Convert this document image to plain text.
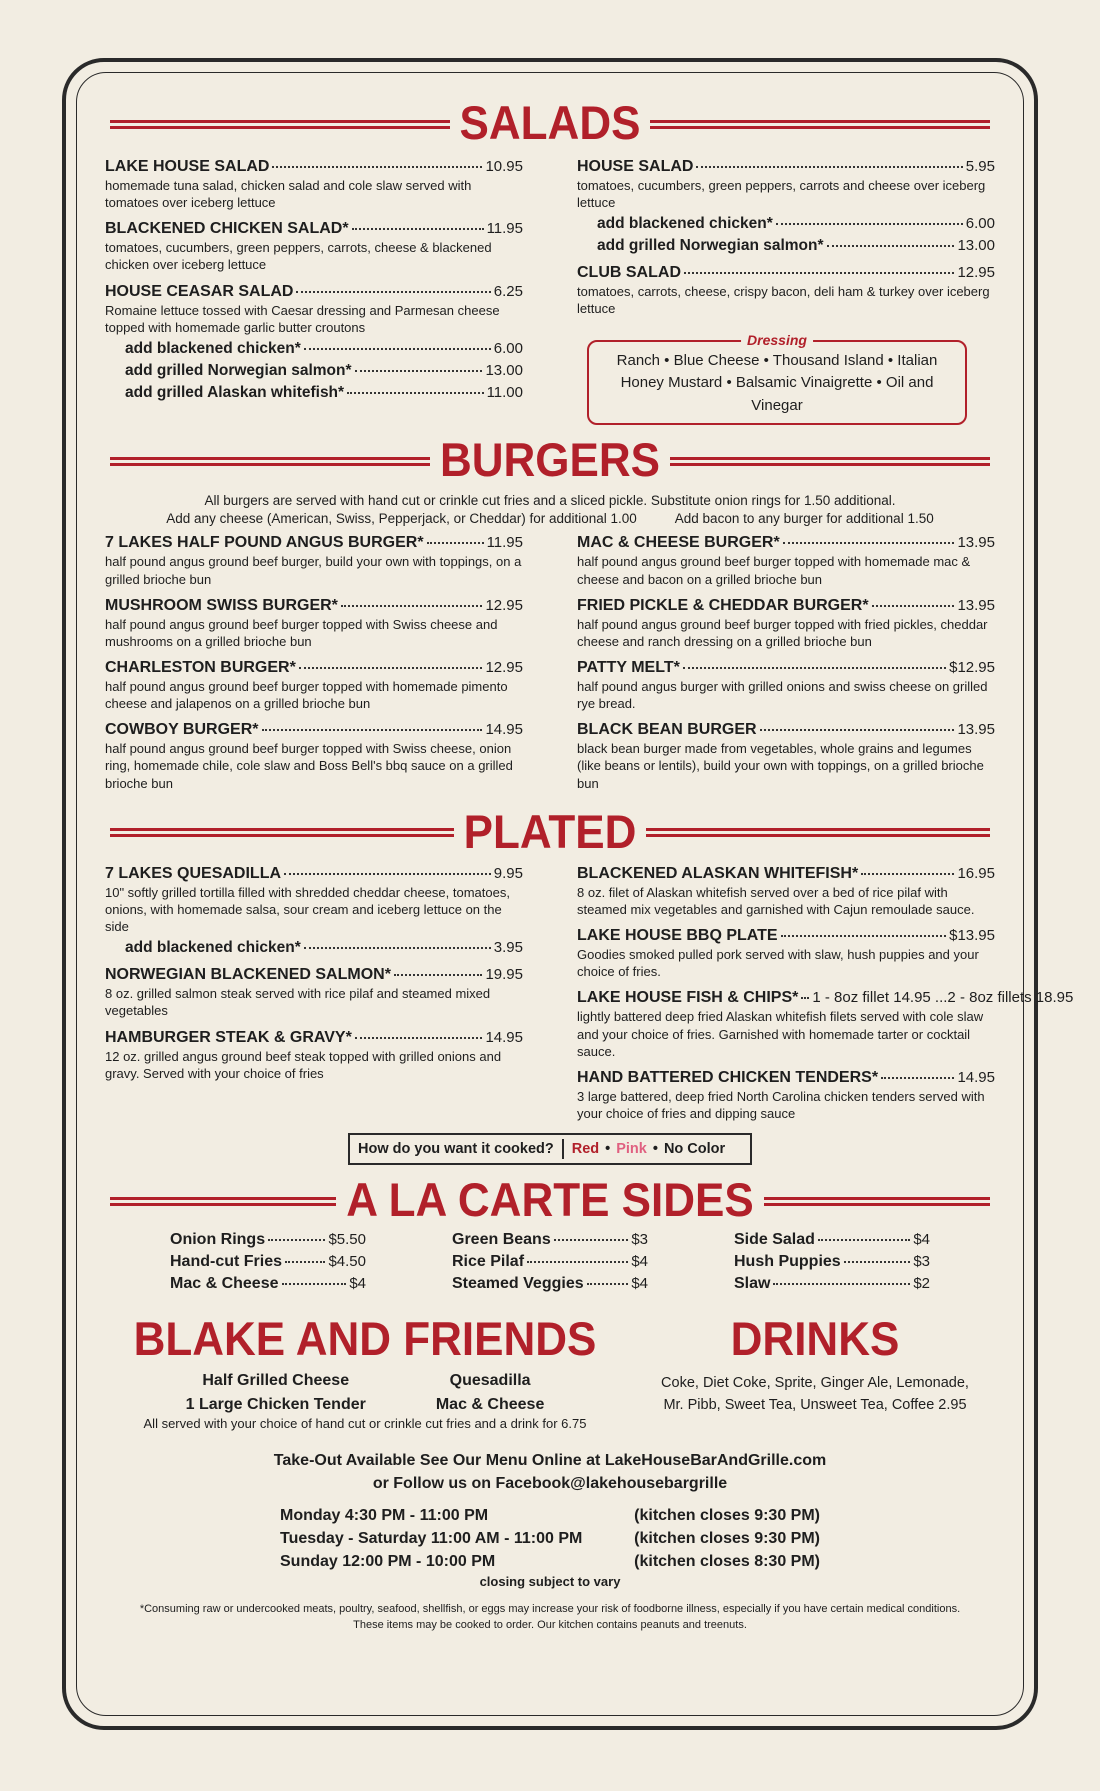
SALADS
LAKE HOUSE SALAD	10.95
homemade tuna salad, chicken salad and cole slaw served with tomatoes over iceberg lettuce
BLACKENED CHICKEN SALAD*	11.95
tomatoes, cucumbers, green peppers, carrots, cheese & blackened chicken over iceberg lettuce
HOUSE CEASAR SALAD	6.25
Romaine lettuce tossed with Caesar dressing and Parmesan cheese topped with homemade garlic butter croutons
add blackened chicken*	6.00
add grilled Norwegian salmon*	13.00
add grilled Alaskan whitefish*	11.00
HOUSE SALAD	5.95
tomatoes, cucumbers, green peppers, carrots and cheese over iceberg lettuce
add blackened chicken*	6.00
add grilled Norwegian salmon*	13.00
CLUB SALAD	12.95
tomatoes, carrots, cheese, crispy bacon, deli ham & turkey over iceberg lettuce
Dressing
Ranch • Blue Cheese • Thousand Island • Italian
Honey Mustard • Balsamic Vinaigrette • Oil and Vinegar
BURGERS
All burgers are served with hand cut or crinkle cut fries and a sliced pickle. Substitute onion rings for 1.50 additional.
Add any cheese (American, Swiss, Pepperjack, or Cheddar) for additional 1.00	Add bacon to any burger for additional 1.50
7 LAKES HALF POUND ANGUS BURGER*	11.95
half pound angus ground beef burger, build your own with toppings, on a grilled brioche bun
MUSHROOM SWISS BURGER*	12.95
half pound angus ground beef burger topped with Swiss cheese and mushrooms on a grilled brioche bun
CHARLESTON BURGER*	12.95
half pound angus ground beef burger topped with homemade pimento cheese and jalapenos on a grilled brioche bun
COWBOY BURGER*	14.95
half pound angus ground beef burger topped with Swiss cheese, onion ring, homemade chile, cole slaw and Boss Bell's bbq sauce on a grilled brioche bun
MAC & CHEESE BURGER*	13.95
half pound angus ground beef burger topped with homemade mac & cheese and bacon on a grilled brioche bun
FRIED PICKLE & CHEDDAR BURGER*	13.95
half pound angus ground beef burger topped with fried pickles, cheddar cheese and ranch dressing on a grilled brioche bun
PATTY MELT*	$12.95
half pound angus burger with grilled onions and swiss cheese on grilled rye bread.
BLACK BEAN BURGER	13.95
black bean burger made from vegetables, whole grains and legumes (like beans or lentils), build your own with toppings, on a grilled brioche bun
PLATED
7 LAKES QUESADILLA	9.95
10" softly grilled tortilla filled with shredded cheddar cheese, tomatoes, onions, with homemade salsa, sour cream and iceberg lettuce on the side
add blackened chicken*	3.95
NORWEGIAN BLACKENED SALMON*	19.95
8 oz. grilled salmon steak served with rice pilaf and steamed mixed vegetables
HAMBURGER STEAK & GRAVY*	14.95
12 oz. grilled angus ground beef steak topped with grilled onions and gravy. Served with your choice of fries
BLACKENED ALASKAN WHITEFISH*	16.95
8 oz. filet of Alaskan whitefish served over a bed of rice pilaf with steamed mix vegetables and garnished with Cajun remoulade sauce.
LAKE HOUSE BBQ PLATE	$13.95
Goodies smoked pulled pork served with slaw, hush puppies and your choice of fries.
LAKE HOUSE FISH & CHIPS* 1 - 8oz fillet 14.95 ...2 - 8oz fillets 18.95
lightly battered deep fried Alaskan whitefish filets served with cole slaw and your choice of fries. Garnished with homemade tarter or cocktail sauce.
HAND BATTERED CHICKEN TENDERS*	14.95
3 large battered, deep fried North Carolina chicken tenders served with your choice of fries and dipping sauce
How do you want it cooked? Red • Pink • No Color
A LA CARTE SIDES
Onion Rings	$5.50
Hand-cut Fries	$4.50
Mac & Cheese	$4
Green Beans	$3
Rice Pilaf	$4
Steamed Veggies	$4
Side Salad	$4
Hush Puppies	$3
Slaw	$2
BLAKE AND FRIENDS
Half Grilled Cheese
1 Large Chicken Tender
Quesadilla
Mac & Cheese
All served with your choice of hand cut or crinkle cut fries and a drink for 6.75
DRINKS
Coke, Diet Coke, Sprite, Ginger Ale, Lemonade,
Mr. Pibb, Sweet Tea, Unsweet Tea, Coffee 2.95
Take-Out Available See Our Menu Online at LakeHouseBarAndGrille.com
or Follow us on Facebook@lakehousebargrille
Monday 4:30 PM - 11:00 PM	(kitchen closes 9:30 PM)
Tuesday - Saturday 11:00 AM - 11:00 PM	(kitchen closes 9:30 PM)
Sunday 12:00 PM - 10:00 PM	(kitchen closes 8:30 PM)
closing subject to vary
*Consuming raw or undercooked meats, poultry, seafood, shellfish, or eggs may increase your risk of foodborne illness, especially if you have certain medical conditions.
These items may be cooked to order. Our kitchen contains peanuts and treenuts.
